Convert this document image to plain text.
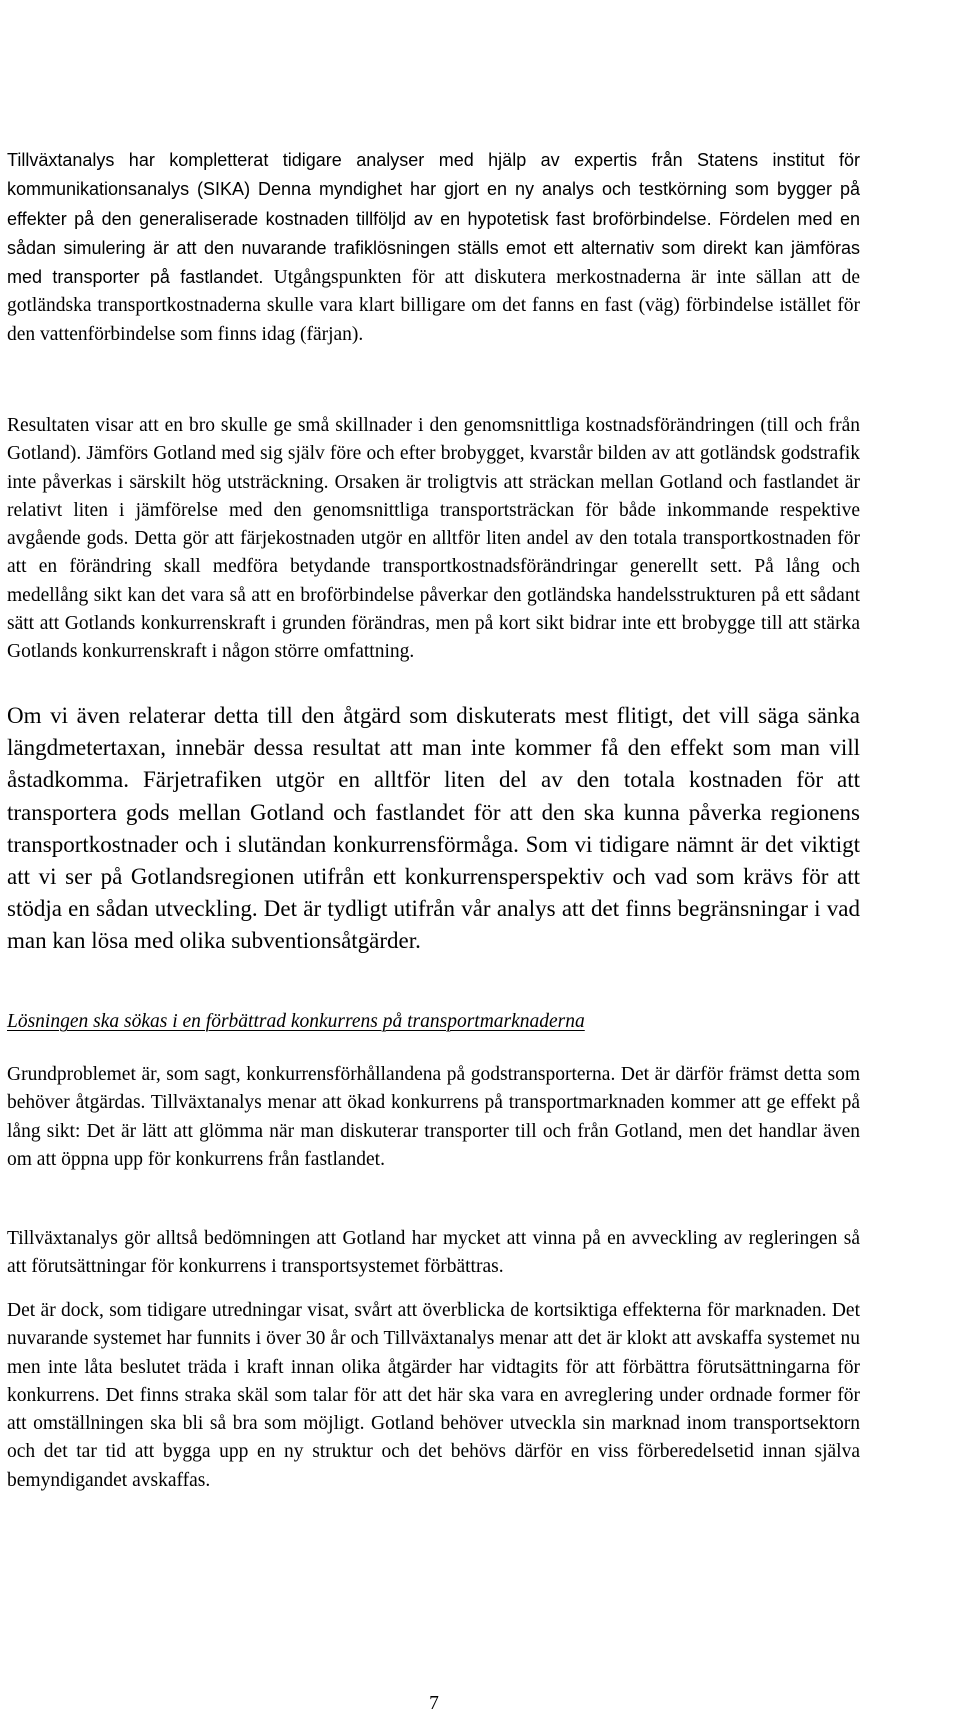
Tillväxtanalys har kompletterat tidigare analyser med hjälp av expertis från Statens institut för kommunikationsanalys (SIKA) Denna myndighet har gjort en ny analys och testkörning som bygger på effekter på den generaliserade kostnaden tillföljd av en hypotetisk fast broförbindelse. Fördelen med en sådan simulering är att den nuvarande trafiklösningen ställs emot ett alternativ som direkt kan jämföras med transporter på fastlandet. Utgångspunkten för att diskutera merkostnaderna är inte sällan att de gotländska transportkostnaderna skulle vara klart billigare om det fanns en fast (väg) förbindelse istället för den vattenförbindelse som finns idag (färjan).

Resultaten visar att en bro skulle ge små skillnader i den genomsnittliga kostnadsförändringen (till och från Gotland). Jämförs Gotland med sig själv före och efter brobygget, kvarstår bilden av att gotländsk godstrafik inte påverkas i särskilt hög utsträckning. Orsaken är troligtvis att sträckan mellan Gotland och fastlandet är relativt liten i jämförelse med den genomsnittliga transportsträckan för både inkommande respektive avgående gods. Detta gör att färjekostnaden utgör en alltför liten andel av den totala transportkostnaden för att en förändring skall medföra betydande transportkostnadsförändringar generellt sett. På lång och medellång sikt kan det vara så att en broförbindelse påverkar den gotländska handelsstrukturen på ett sådant sätt att Gotlands konkurrenskraft i grunden förändras, men på kort sikt bidrar inte ett brobygge till att stärka Gotlands konkurrenskraft i någon större omfattning.

Om vi även relaterar detta till den åtgärd som diskuterats mest flitigt, det vill säga sänka längdmetertaxan, innebär dessa resultat att man inte kommer få den effekt som man vill åstadkomma. Färjetrafiken utgör en alltför liten del av den totala kostnaden för att transportera gods mellan Gotland och fastlandet för att den ska kunna påverka regionens transportkostnader och i slutändan konkurrensförmåga. Som vi tidigare nämnt är det viktigt att vi ser på Gotlandsregionen utifrån ett konkurrensperspektiv och vad som krävs för att stödja en sådan utveckling. Det är tydligt utifrån vår analys att det finns begränsningar i vad man kan lösa med olika subventionsåtgärder.

Lösningen ska sökas i en förbättrad konkurrens på transportmarknaderna

Grundproblemet är, som sagt, konkurrensförhållandena på godstransporterna. Det är därför främst detta som behöver åtgärdas. Tillväxtanalys menar att ökad konkurrens på transportmarknaden kommer att ge effekt på lång sikt: Det är lätt att glömma när man diskuterar transporter till och från Gotland, men det handlar även om att öppna upp för konkurrens från fastlandet.

Tillväxtanalys gör alltså bedömningen att Gotland har mycket att vinna på en avveckling av regleringen så att förutsättningar för konkurrens i transportsystemet förbättras.

Det är dock, som tidigare utredningar visat, svårt att överblicka de kortsiktiga effekterna för marknaden. Det nuvarande systemet har funnits i över 30 år och Tillväxtanalys menar att det är klokt att avskaffa systemet nu men inte låta beslutet träda i kraft innan olika åtgärder har vidtagits för att förbättra förutsättningarna för konkurrens. Det finns straka skäl som talar för att det här ska vara en avreglering under ordnade former för att omställningen ska bli så bra som möjligt. Gotland behöver utveckla sin marknad inom transportsektorn och det tar tid att bygga upp en ny struktur och det behövs därför en viss förberedelsetid innan själva bemyndigandet avskaffas.

7
